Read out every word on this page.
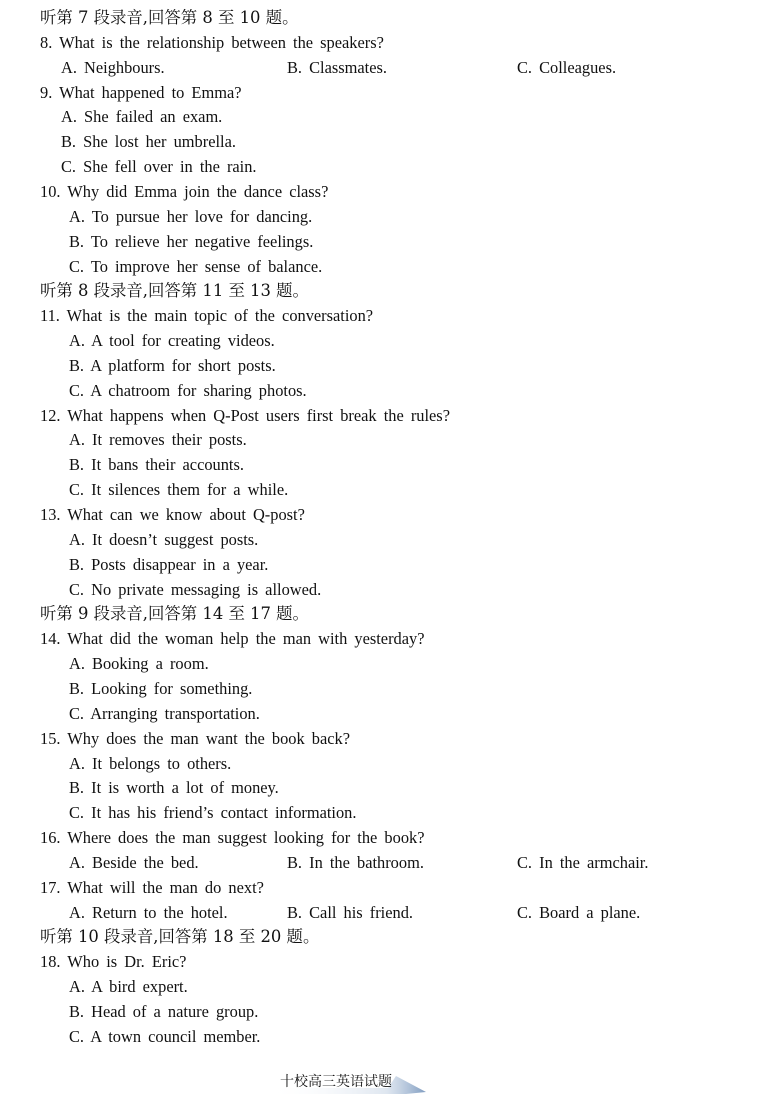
听第 7 段录音,回答第 8 至 10 题。
8. What is the relationship between the speakers?
A. Neighbours.	B. Classmates.	C. Colleagues.
9. What happened to Emma?
A. She failed an exam.
B. She lost her umbrella.
C. She fell over in the rain.
10. Why did Emma join the dance class?
A. To pursue her love for dancing.
B. To relieve her negative feelings.
C. To improve her sense of balance.
听第 8 段录音,回答第 11 至 13 题。
11. What is the main topic of the conversation?
A. A tool for creating videos.
B. A platform for short posts.
C. A chatroom for sharing photos.
12. What happens when Q-Post users first break the rules?
A. It removes their posts.
B. It bans their accounts.
C. It silences them for a while.
13. What can we know about Q-post?
A. It doesn’t suggest posts.
B. Posts disappear in a year.
C. No private messaging is allowed.
听第 9 段录音,回答第 14 至 17 题。
14. What did the woman help the man with yesterday?
A. Booking a room.
B. Looking for something.
C. Arranging transportation.
15. Why does the man want the book back?
A. It belongs to others.
B. It is worth a lot of money.
C. It has his friend’s contact information.
16. Where does the man suggest looking for the book?
A. Beside the bed.	B. In the bathroom.	C. In the armchair.
17. What will the man do next?
A. Return to the hotel.	B. Call his friend.	C. Board a plane.
听第 10 段录音,回答第 18 至 20 题。
18. Who is Dr. Eric?
A. A bird expert.
B. Head of a nature group.
C. A town council member.
十校高三英语试题
